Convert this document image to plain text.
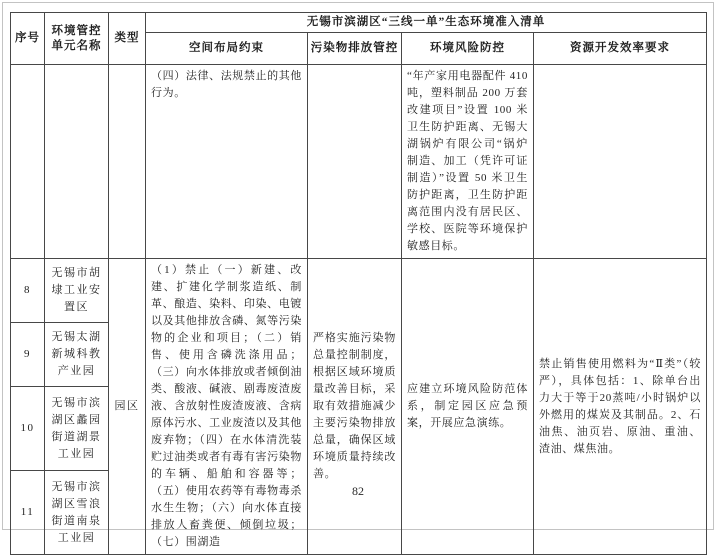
序号	环境管控单元名称	类型	无锡市滨湖区“三线一单”生态环境准入清单			
			空间布局约束	污染物排放管控	环境风险防控	资源开发效率要求
			（四）法律、法规禁止的其他行为。		“年产家用电器配件 410 吨，塑料制品 200 万套改建项目”设置 100 米卫生防护距离、无锡大湖锅炉有限公司“锅炉制造、加工（凭许可证制造）”设置 50 米卫生防护距离，卫生防护距离范围内没有居民区、学校、医院等环境保护敏感目标。	
8	无锡市胡埭工业安置区	园区	（1）禁止（一）新建、改建、扩建化学制浆造纸、制革、酿造、染料、印染、电镀以及其他排放含磷、氮等污染物的企业和项目；（二）销售、使用含磷洗涤用品；（三）向水体排放或者倾倒油类、酸液、碱液、剧毒废渣废液、含放射性废渣废液、含病原体污水、工业废渣以及其他废弃物；（四）在水体清洗装贮过油类或者有毒有害污染物的车辆、船舶和容器等；（五）使用农药等有毒物毒杀水生生物；（六）向水体直接排放人畜粪便、倾倒垃圾；（七）围湖造	严格实施污染物总量控制制度，根据区域环境质量改善目标，采取有效措施减少主要污染物排放总量，确保区域环境质量持续改善。	应建立环境风险防范体系，制定园区应急预案，开展应急演练。	禁止销售使用燃料为“Ⅱ类”（较严），具体包括：1、除单台出力大于等于20蒸吨/小时锅炉以外燃用的煤炭及其制品。2、石油焦、油页岩、原油、重油、渣油、煤焦油。
9	无锡太湖新城科教产业园					
10	无锡市滨湖区蠡园街道湖景工业园					
11	无锡市滨湖区雪浪街道南泉工业园					
82
